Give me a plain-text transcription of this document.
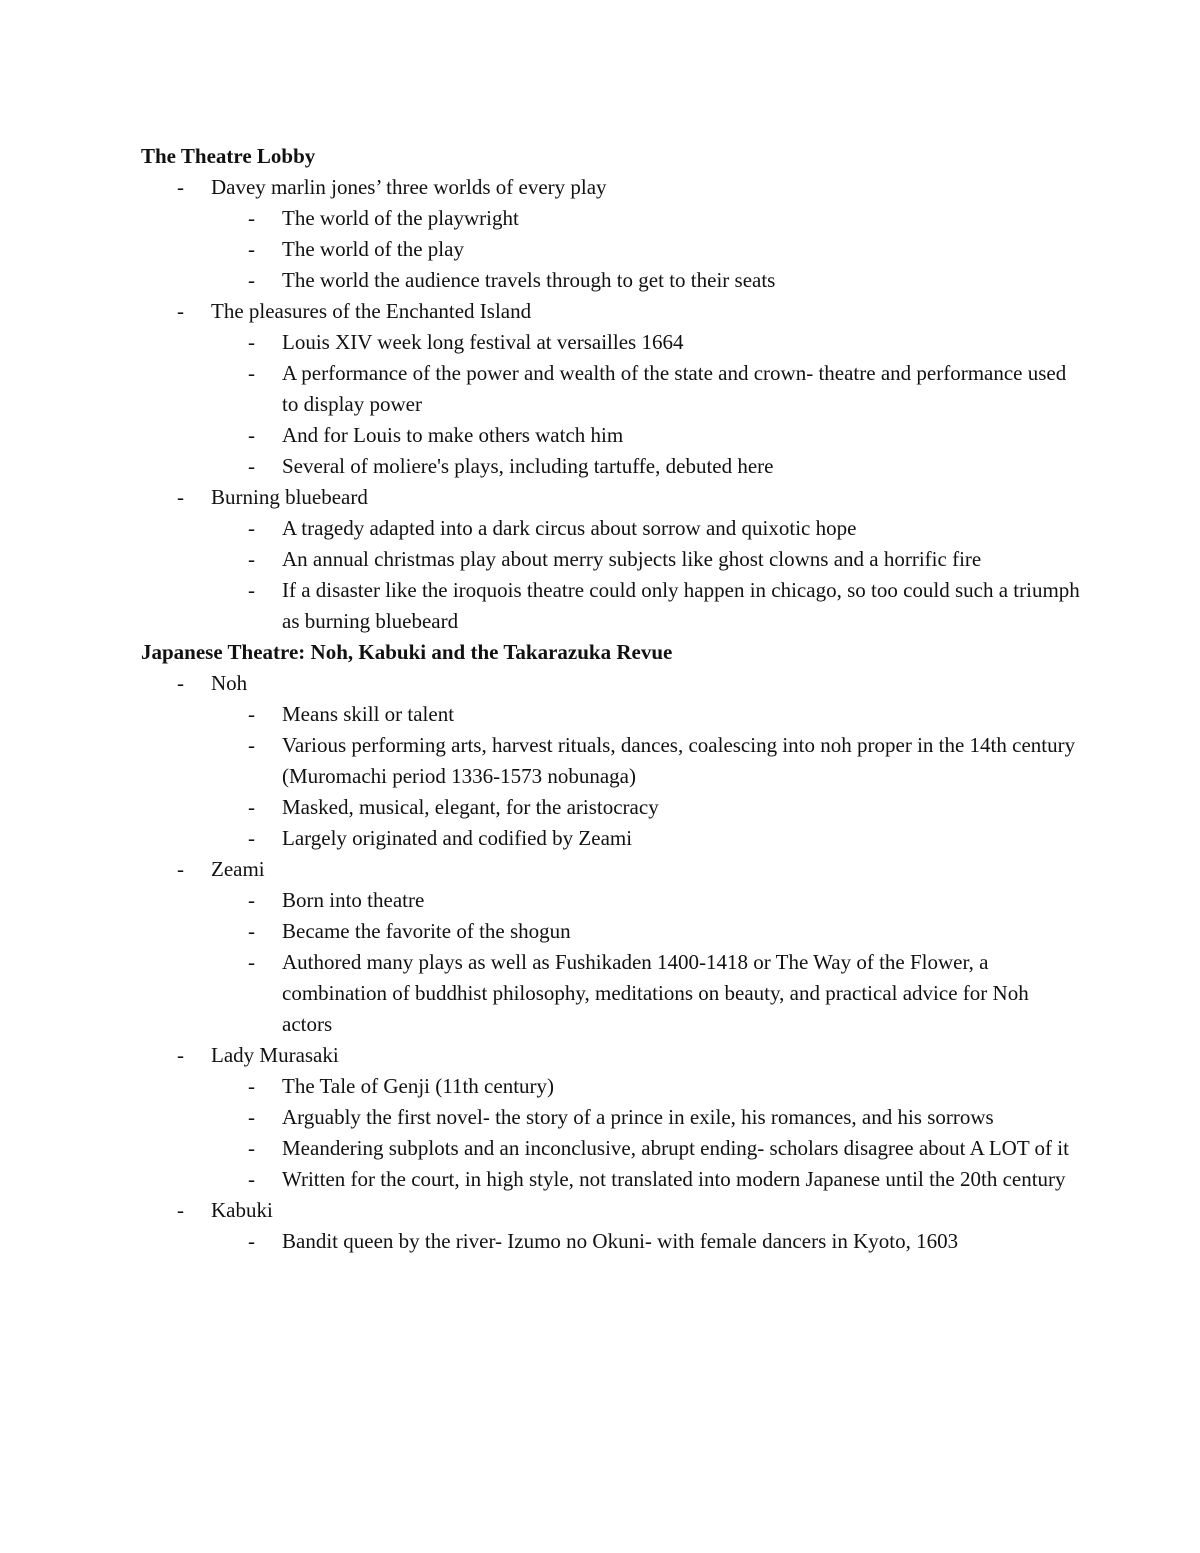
The Theatre Lobby

- Davey marlin jones’ three worlds of every play
- The world of the playwright
- The world of the play
- The world the audience travels through to get to their seats
- The pleasures of the Enchanted Island
- Louis XIV week long festival at versailles 1664
- A performance of the power and wealth of the state and crown- theatre and performance used to display power
- And for Louis to make others watch him
- Several of moliere's plays, including tartuffe, debuted here
- Burning bluebeard
- A tragedy adapted into a dark circus about sorrow and quixotic hope
- An annual christmas play about merry subjects like ghost clowns and a horrific fire
- If a disaster like the iroquois theatre could only happen in chicago, so too could such a triumph as burning bluebeard

Japanese Theatre: Noh, Kabuki and the Takarazuka Revue

- Noh
- Means skill or talent
- Various performing arts, harvest rituals, dances, coalescing into noh proper in the 14th century (Muromachi period 1336-1573 nobunaga)
- Masked, musical, elegant, for the aristocracy
- Largely originated and codified by Zeami
- Zeami
- Born into theatre
- Became the favorite of the shogun
- Authored many plays as well as Fushikaden 1400-1418 or The Way of the Flower, a combination of buddhist philosophy, meditations on beauty, and practical advice for Noh actors
- Lady Murasaki
- The Tale of Genji (11th century)
- Arguably the first novel- the story of a prince in exile, his romances, and his sorrows
- Meandering subplots and an inconclusive, abrupt ending- scholars disagree about A LOT of it
- Written for the court, in high style, not translated into modern Japanese until the 20th century
- Kabuki
- Bandit queen by the river- Izumo no Okuni- with female dancers in Kyoto, 1603
